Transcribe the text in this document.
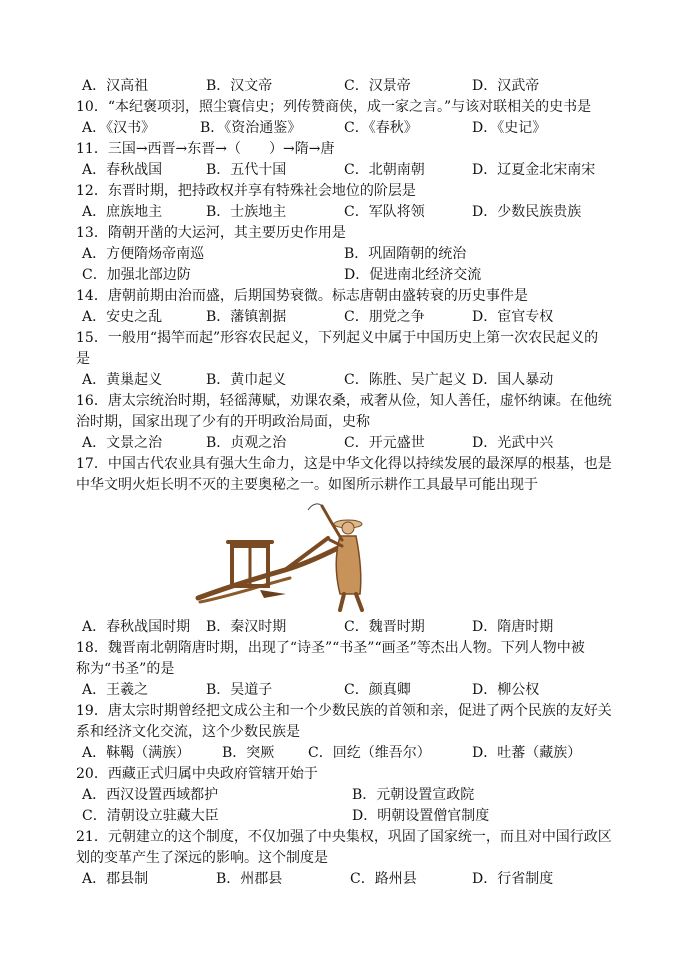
A．汉高祖	B．汉文帝	C．汉景帝	D．汉武帝
10．“本纪褒项羽，照尘寰信史；列传赞商侠，成一家之言。”与该对联相关的史书是
A．《汉书》	B．《资治通鉴》	C．《春秋》	D．《史记》
11．三国→西晋→东晋→（　　）→隋→唐
A．春秋战国	B．五代十国	C．北朝南朝	D．辽夏金北宋南宋
12．东晋时期，把持政权并享有特殊社会地位的阶层是
A．庶族地主	B．士族地主	C．军队将领	D．少数民族贵族
13．隋朝开凿的大运河，其主要历史作用是
A．方便隋炀帝南巡	B．巩固隋朝的统治
C．加强北部边防	D．促进南北经济交流
14．唐朝前期由治而盛，后期国势衰微。标志唐朝由盛转衰的历史事件是
A．安史之乱	B．藩镇割据	C．朋党之争	D．宦官专权
15．一般用“揭竿而起”形容农民起义，下列起义中属于中国历史上第一次农民起义的
是
A．黄巢起义	B．黄巾起义	C．陈胜、吴广起义 D．国人暴动
16．唐太宗统治时期，轻徭薄赋，劝课农桑，戒奢从俭，知人善任，虚怀纳谏。在他统
治时期，国家出现了少有的开明政治局面，史称
A．文景之治	B．贞观之治	C．开元盛世	D．光武中兴
17．中国古代农业具有强大生命力，这是中华文化得以持续发展的最深厚的根基，也是
中华文明火炬长明不灭的主要奥秘之一。如图所示耕作工具最早可能出现于
A．春秋战国时期 B．秦汉时期	C．魏晋时期	D．隋唐时期
18．魏晋南北朝隋唐时期，出现了“诗圣”“书圣”“画圣”等杰出人物。下列人物中被
称为“书圣”的是
A．王羲之	B．吴道子	C．颜真卿	D．柳公权
19．唐太宗时期曾经把文成公主和一个少数民族的首领和亲，促进了两个民族的友好关
系和经济文化交流，这个少数民族是
A．靺鞨（满族） B．突厥 C．回纥（维吾尔）	D．吐蕃（藏族）
20．西藏正式归属中央政府管辖开始于
A．西汉设置西域都护	B．元朝设置宣政院
C．清朝设立驻藏大臣	D．明朝设置僧官制度
21．元朝建立的这个制度，不仅加强了中央集权，巩固了国家统一，而且对中国行政区
划的变革产生了深远的影响。这个制度是
A．郡县制	B．州郡县	C．路州县	D．行省制度
